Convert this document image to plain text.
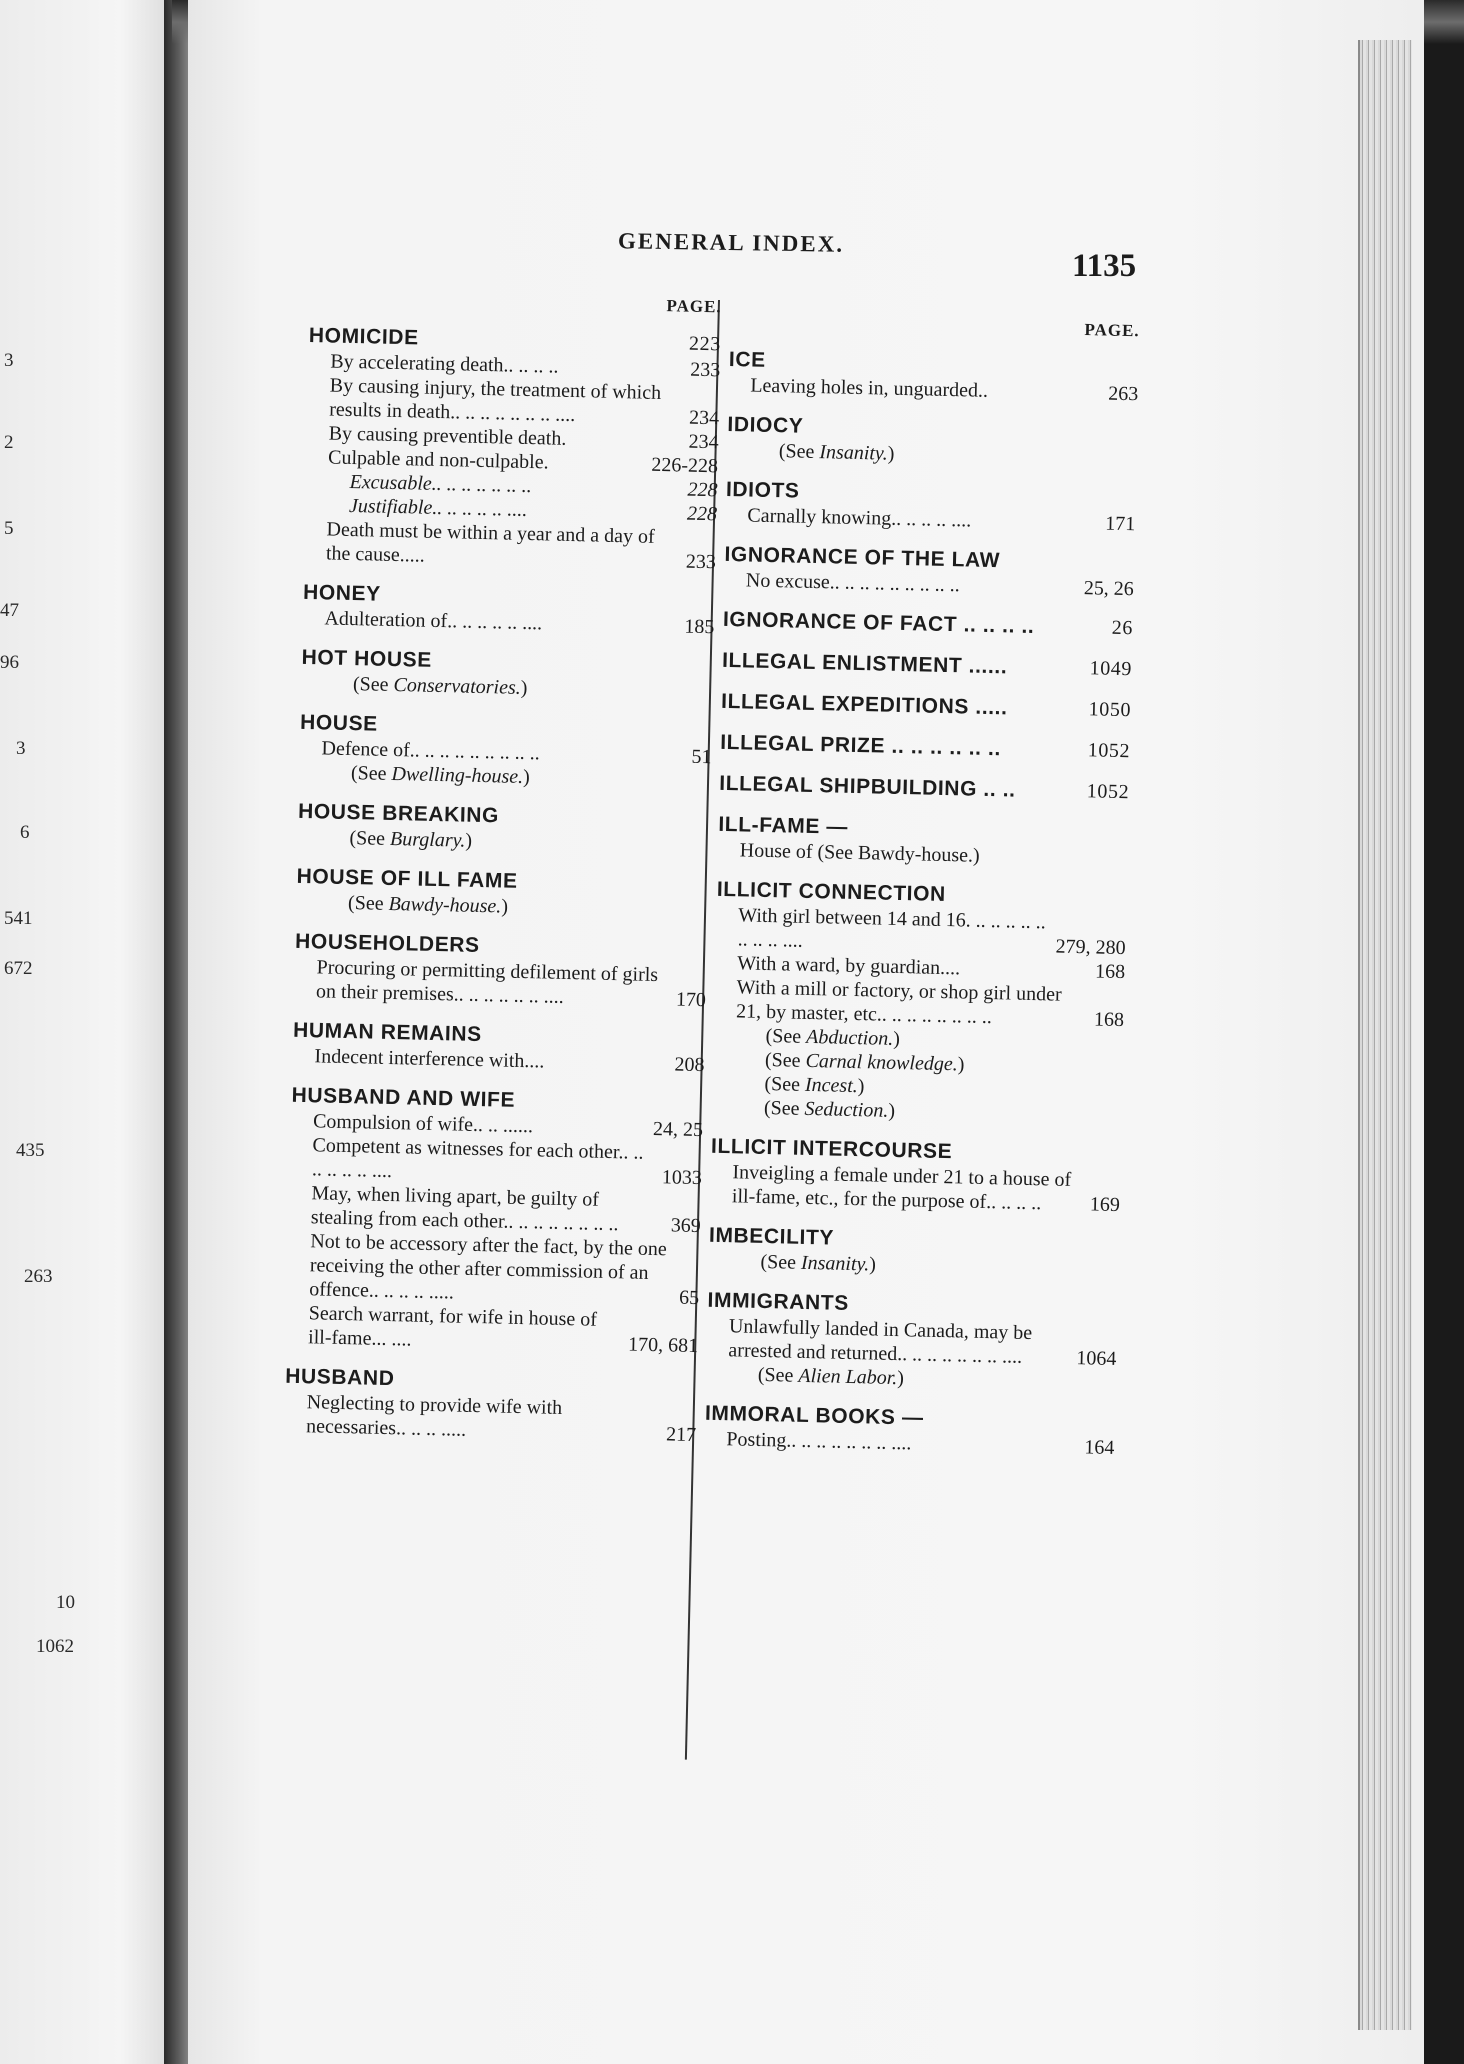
3
2
5
47
96
3
6
541
672
435
263
10
1062
GENERAL INDEX.
1135
PAGE.
HOMICIDE	223
By accelerating death.. .. .. ..	233
By causing injury, the treatment of which results in death.. .. .. .. .. .. .. ....	234
By causing preventible death.	234
Culpable and non-culpable.	226-228
Excusable.. .. .. .. .. .. ..	228
Justifiable.. .. .. .. .. ....	228
Death must be within a year and a day of the cause.....	233
HONEY
Adulteration of.. .. .. .. .. ....	185
HOT HOUSE
(See Conservatories.)
HOUSE
Defence of.. .. .. .. .. .. .. .. ..	51
(See Dwelling-house.)
HOUSE BREAKING
(See Burglary.)
HOUSE OF ILL FAME
(See Bawdy-house.)
HOUSEHOLDERS
Procuring or permitting defilement of girls on their premises.. .. .. .. .. .. ....	170
HUMAN REMAINS
Indecent interference with....	208
HUSBAND AND WIFE
Compulsion of wife.. .. ......	24, 25
Competent as witnesses for each other.. .. .. .. .. .. ....	1033
May, when living apart, be guilty of stealing from each other.. .. .. .. .. .. .. ..	369
Not to be accessory after the fact, by the one receiving the other after commission of an offence.. .. .. .. .....	65
Search warrant, for wife in house of ill-fame... ....	170, 681
HUSBAND
Neglecting to provide wife with necessaries.. .. .. .....	217
PAGE.
ICE
Leaving holes in, unguarded..	263
IDIOCY
(See Insanity.)
IDIOTS
Carnally knowing.. .. .. .. ....	171
IGNORANCE OF THE LAW
No excuse.. .. .. .. .. .. .. .. ..	25, 26
IGNORANCE OF FACT .. .. .. ..	26
ILLEGAL ENLISTMENT ......	1049
ILLEGAL EXPEDITIONS .....	1050
ILLEGAL PRIZE .. .. .. .. .. ..	1052
ILLEGAL SHIPBUILDING .. ..	1052
ILL-FAME —
House of (See Bawdy-house.)
ILLICIT CONNECTION
With girl between 14 and 16. .. .. .. .. .. .. .. .. ....	279, 280
With a ward, by guardian....	168
With a mill or factory, or shop girl under 21, by master, etc.. .. .. .. .. .. .. ..	168
(See Abduction.)
(See Carnal knowledge.)
(See Incest.)
(See Seduction.)
ILLICIT INTERCOURSE
Inveigling a female under 21 to a house of ill-fame, etc., for the purpose of.. .. .. ..	169
IMBECILITY
(See Insanity.)
IMMIGRANTS
Unlawfully landed in Canada, may be arrested and returned.. .. .. .. .. .. .. ....	1064
(See Alien Labor.)
IMMORAL BOOKS —
Posting.. .. .. .. .. .. .. ....	164
